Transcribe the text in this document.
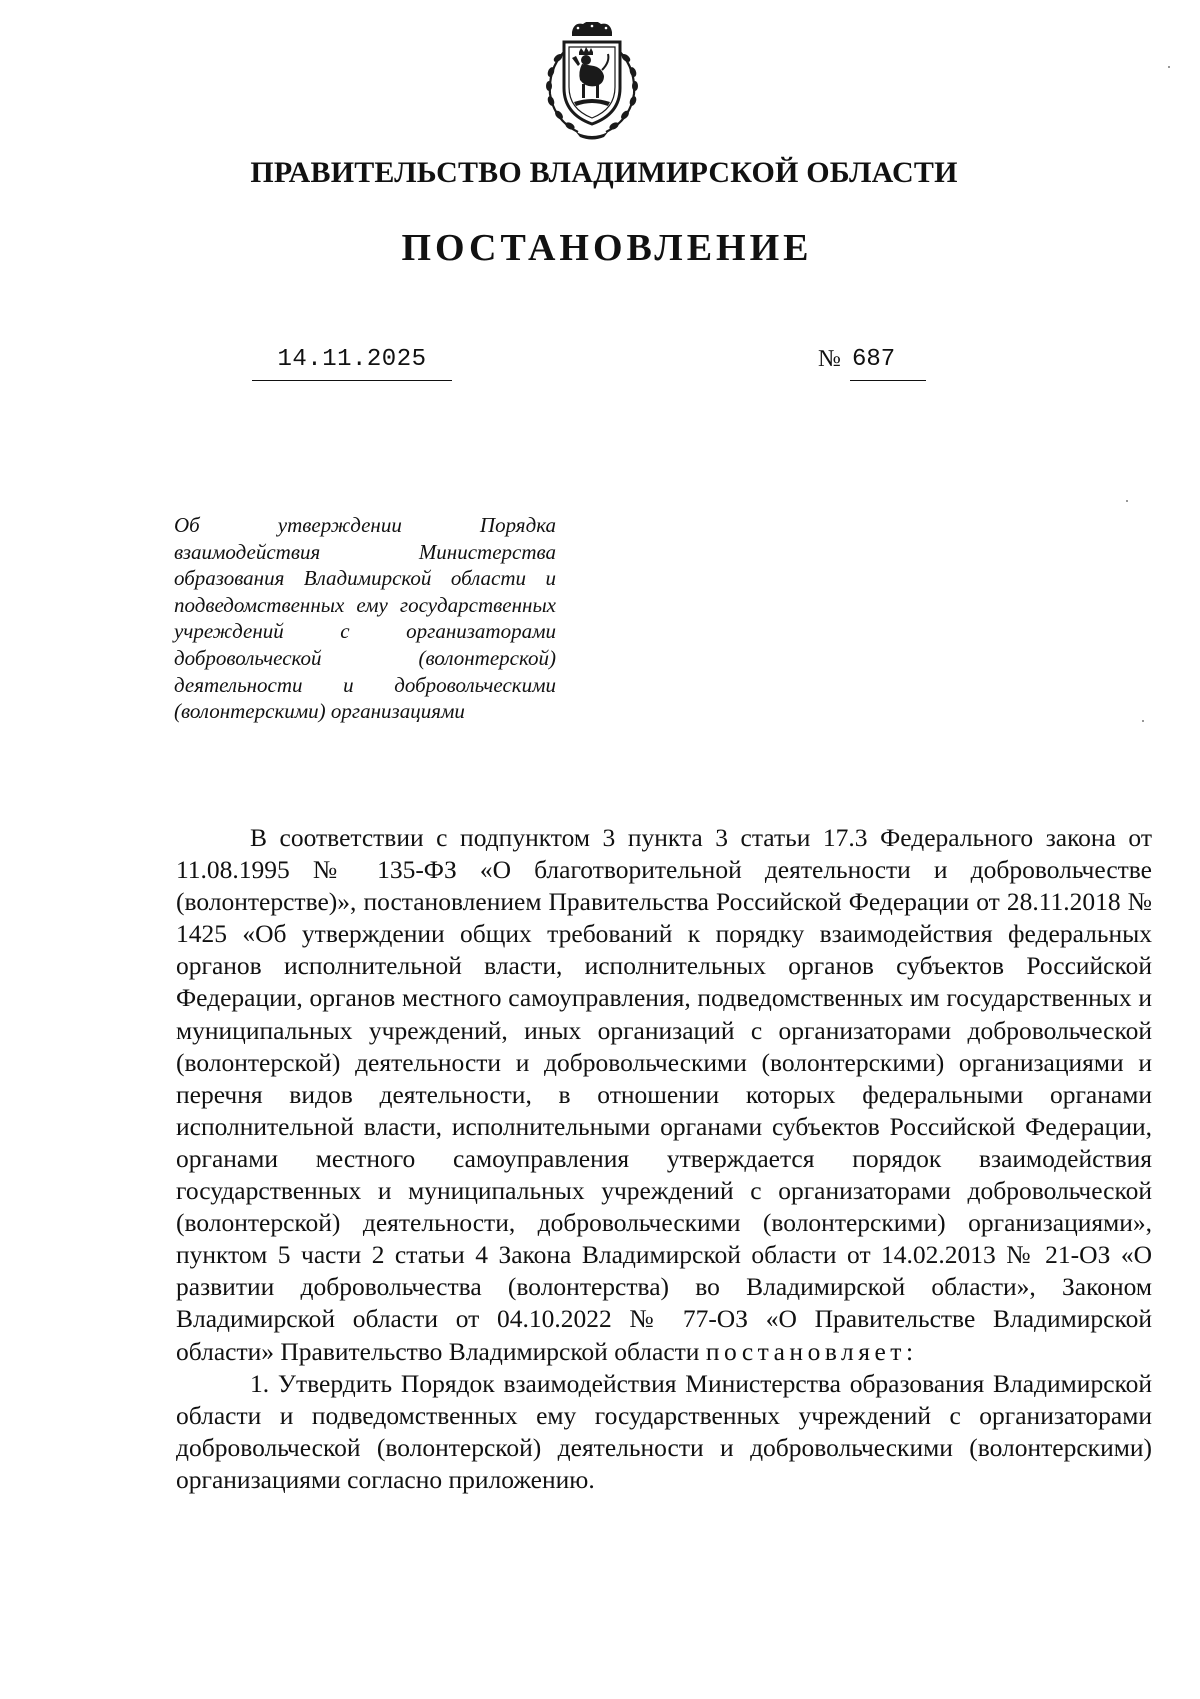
ПРАВИТЕЛЬСТВО ВЛАДИМИРСКОЙ ОБЛАСТИ
ПОСТАНОВЛЕНИЕ
14.11.2025	№ 687
Об утверждении Порядка взаимодействия Министерства образования Владимирской области и подведомственных ему государственных учреждений с организаторами добровольческой (волонтерской) деятельности и добровольческими (волонтерскими) организациями

В соответствии с подпунктом 3 пункта 3 статьи 17.3 Федерального закона от 11.08.1995 № 135-ФЗ «О благотворительной деятельности и добровольчестве (волонтерстве)», постановлением Правительства Российской Федерации от 28.11.2018 № 1425 «Об утверждении общих требований к порядку взаимодействия федеральных органов исполнительной власти, исполнительных органов субъектов Российской Федерации, органов местного самоуправления, подведомственных им государственных и муниципальных учреждений, иных организаций с организаторами добровольческой (волонтерской) деятельности и добровольческими (волонтерскими) организациями и перечня видов деятельности, в отношении которых федеральными органами исполнительной власти, исполнительными органами субъектов Российской Федерации, органами местного самоуправления утверждается порядок взаимодействия государственных и муниципальных учреждений с организаторами добровольческой (волонтерской) деятельности, добровольческими (волонтерскими) организациями», пунктом 5 части 2 статьи 4 Закона Владимирской области от 14.02.2013 № 21-ОЗ «О развитии добровольчества (волонтерства) во Владимирской области», Законом Владимирской области от 04.10.2022 № 77-ОЗ «О Правительстве Владимирской области» Правительство Владимирской области постановляет:

1. Утвердить Порядок взаимодействия Министерства образования Владимирской области и подведомственных ему государственных учреждений с организаторами добровольческой (волонтерской) деятельности и добровольческими (волонтерскими) организациями согласно приложению.
